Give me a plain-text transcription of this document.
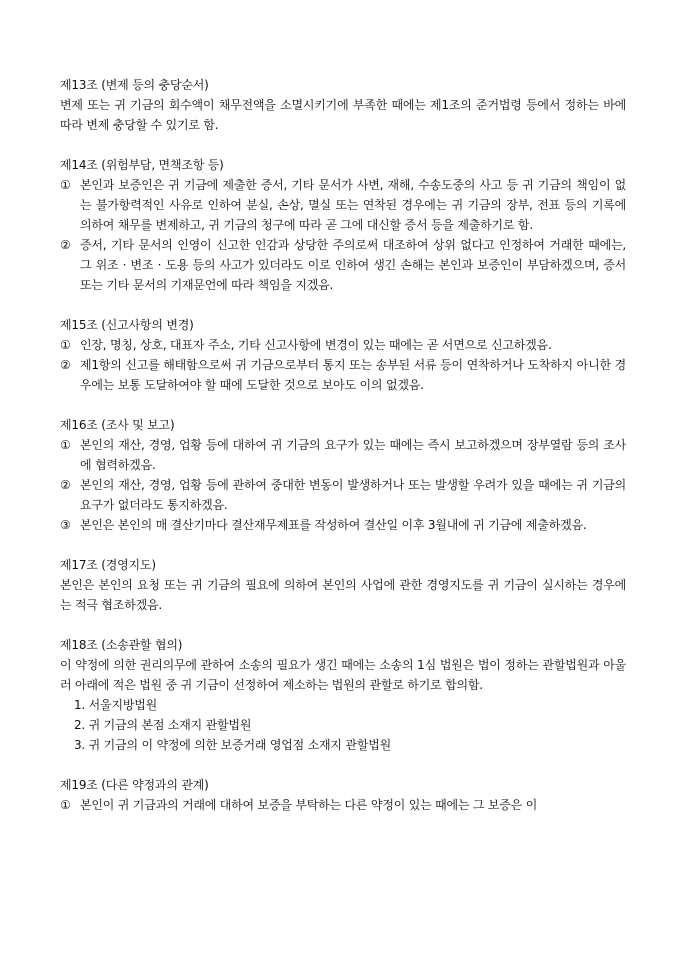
제13조 (변제 등의 충당순서)
변제 또는 귀 기금의 회수액이 채무전액을 소멸시키기에 부족한 때에는 제1조의 준거법령 등에서 정하는 바에 따라 변제 충당할 수 있기로 함.
제14조 (위험부담, 면책조항 등)
① 본인과 보증인은 귀 기금에 제출한 증서, 기타 문서가 사변, 재해, 수송도중의 사고 등 귀 기금의 책임이 없는 불가항력적인 사유로 인하여 분실, 손상, 멸실 또는 연착된 경우에는 귀 기금의 장부, 전표 등의 기록에 의하여 채무를 변제하고, 귀 기금의 청구에 따라 곧 그에 대신할 증서 등을 제출하기로 함.
② 증서, 기타 문서의 인영이 신고한 인감과 상당한 주의로써 대조하여 상위 없다고 인정하여 거래한 때에는, 그 위조 · 변조 · 도용 등의 사고가 있더라도 이로 인하여 생긴 손해는 본인과 보증인이 부담하겠으며, 증서 또는 기타 문서의 기재문언에 따라 책임을 지겠음.
제15조 (신고사항의 변경)
① 인장, 명칭, 상호, 대표자 주소, 기타 신고사항에 변경이 있는 때에는 곧 서면으로 신고하겠음.
② 제1항의 신고를 해태함으로써 귀 기금으로부터 통지 또는 송부된 서류 등이 연착하거나 도착하지 아니한 경우에는 보통 도달하여야 할 때에 도달한 것으로 보아도 이의 없겠음.
제16조 (조사 및 보고)
① 본인의 재산, 경영, 업황 등에 대하여 귀 기금의 요구가 있는 때에는 즉시 보고하겠으며 장부열람 등의 조사에 협력하겠음.
② 본인의 재산, 경영, 업황 등에 관하여 중대한 변동이 발생하거나 또는 발생할 우려가 있을 때에는 귀 기금의 요구가 없더라도 통지하겠음.
③ 본인은 본인의 매 결산기마다 결산재무제표를 작성하여 결산일 이후 3월내에 귀 기금에 제출하겠음.
제17조 (경영지도)
본인은 본인의 요청 또는 귀 기금의 필요에 의하여 본인의 사업에 관한 경영지도를 귀 기금이 실시하는 경우에는 적극 협조하겠음.
제18조 (소송관할 협의)
이 약정에 의한 권리의무에 관하여 소송의 필요가 생긴 때에는 소송의 1심 법원은 법이 정하는 관할법원과 아울러 아래에 적은 법원 중 귀 기금이 선정하여 제소하는 법원의 관할로 하기로 합의함.
1. 서울지방법원
2. 귀 기금의 본점 소재지 관할법원
3. 귀 기금의 이 약정에 의한 보증거래 영업점 소재지 관할법원
제19조 (다른 약정과의 관계)
① 본인이 귀 기금과의 거래에 대하여 보증을 부탁하는 다른 약정이 있는 때에는 그 보증은 이
